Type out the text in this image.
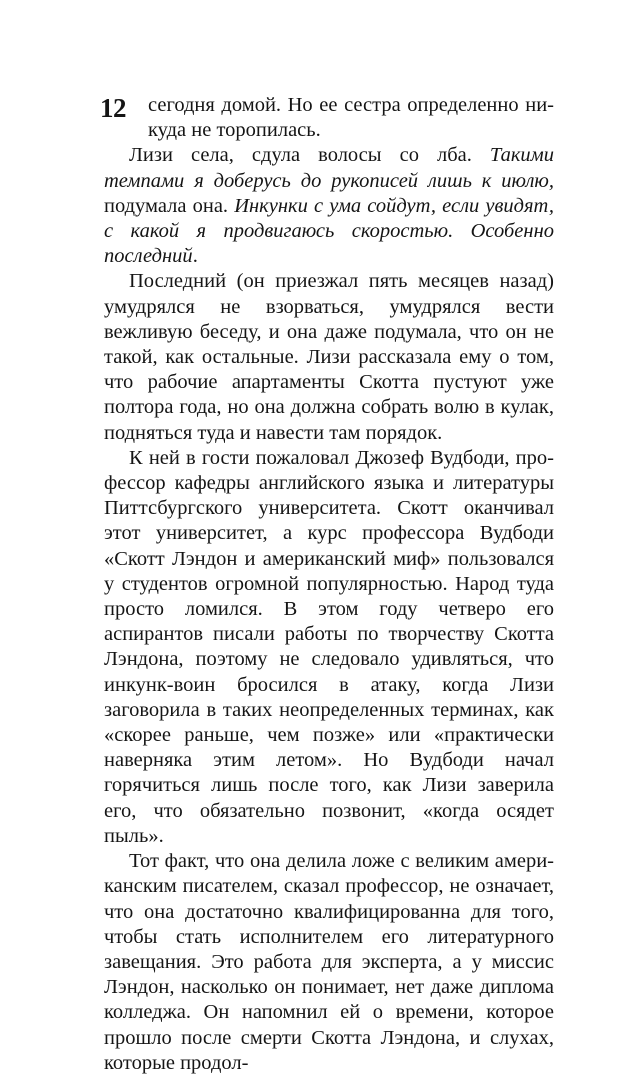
12	сегодня домой. Но ее сестра определенно никуда не торопилась.

Лизи села, сдула волосы со лба. Такими темпами я доберусь до рукописей лишь к июлю, подумала она. Инкунки с ума сойдут, если увидят, с какой я продвигаюсь скоростью. Особенно последний.

Последний (он приезжал пять месяцев назад) умудрялся не взорваться, умудрялся вести вежливую беседу, и она даже подумала, что он не такой, как остальные. Лизи рассказала ему о том, что рабочие апартаменты Скотта пустуют уже полтора года, но она должна собрать волю в кулак, подняться туда и навести там порядок.

К ней в гости пожаловал Джозеф Вудбоди, профессор кафедры английского языка и литературы Питтсбургского университета. Скотт оканчивал этот университет, а курс профессора Вудбоди «Скотт Лэндон и американский миф» пользовался у студентов огромной популярностью. Народ туда просто ломился. В этом году четверо его аспирантов писали работы по творчеству Скотта Лэндона, поэтому не следовало удивляться, что инкунк-воин бросился в атаку, когда Лизи заговорила в таких неопределенных терминах, как «скорее раньше, чем позже» или «практически наверняка этим летом». Но Вудбоди начал горячиться лишь после того, как Лизи заверила его, что обязательно позвонит, «когда осядет пыль».

Тот факт, что она делила ложе с великим американским писателем, сказал профессор, не означает, что она достаточно квалифицированна для того, чтобы стать исполнителем его литературного завещания. Это работа для эксперта, а у миссис Лэндон, насколько он понимает, нет даже диплома колледжа. Он напомнил ей о времени, которое прошло после смерти Скотта Лэндона, и слухах, которые продол-
